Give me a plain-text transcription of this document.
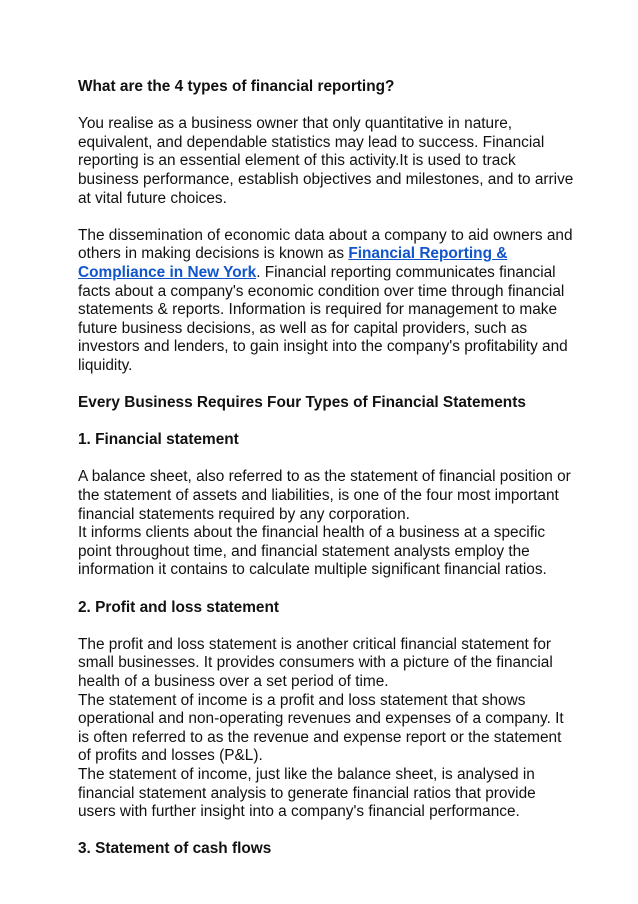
What are the 4 types of financial reporting?
You realise as a business owner that only quantitative in nature,
equivalent, and dependable statistics may lead to success. Financial
reporting is an essential element of this activity.It is used to track
business performance, establish objectives and milestones, and to arrive
at vital future choices.
The dissemination of economic data about a company to aid owners and
others in making decisions is known as Financial Reporting &
Compliance in New York. Financial reporting communicates financial
facts about a company's economic condition over time through financial
statements & reports. Information is required for management to make
future business decisions, as well as for capital providers, such as
investors and lenders, to gain insight into the company's profitability and
liquidity.
Every Business Requires Four Types of Financial Statements
1. Financial statement
A balance sheet, also referred to as the statement of financial position or
the statement of assets and liabilities, is one of the four most important
financial statements required by any corporation.
It informs clients about the financial health of a business at a specific
point throughout time, and financial statement analysts employ the
information it contains to calculate multiple significant financial ratios.
2. Profit and loss statement
The profit and loss statement is another critical financial statement for
small businesses. It provides consumers with a picture of the financial
health of a business over a set period of time.
The statement of income is a profit and loss statement that shows
operational and non-operating revenues and expenses of a company. It
is often referred to as the revenue and expense report or the statement
of profits and losses (P&L).
The statement of income, just like the balance sheet, is analysed in
financial statement analysis to generate financial ratios that provide
users with further insight into a company's financial performance.
3. Statement of cash flows
